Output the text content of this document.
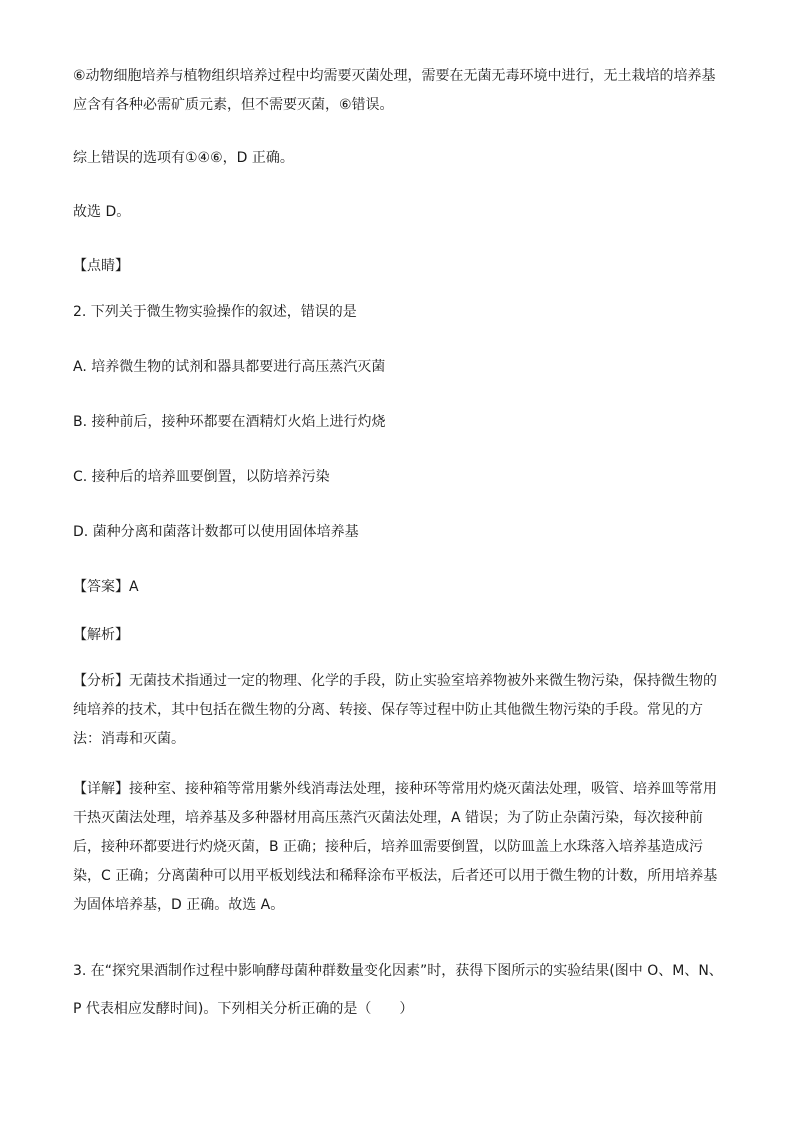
⑥动物细胞培养与植物组织培养过程中均需要灭菌处理，需要在无菌无毒环境中进行，无土栽培的培养基应含有各种必需矿质元素，但不需要灭菌，⑥错误。

综上错误的选项有①④⑥，D 正确。

故选 D。

【点睛】

2. 下列关于微生物实验操作的叙述，错误的是

A. 培养微生物的试剂和器具都要进行高压蒸汽灭菌

B. 接种前后，接种环都要在酒精灯火焰上进行灼烧

C. 接种后的培养皿要倒置，以防培养污染

D. 菌种分离和菌落计数都可以使用固体培养基

【答案】A

【解析】

【分析】无菌技术指通过一定的物理、化学的手段，防止实验室培养物被外来微生物污染，保持微生物的纯培养的技术，其中包括在微生物的分离、转接、保存等过程中防止其他微生物污染的手段。常见的方法：消毒和灭菌。

【详解】接种室、接种箱等常用紫外线消毒法处理，接种环等常用灼烧灭菌法处理，吸管、培养皿等常用干热灭菌法处理，培养基及多种器材用高压蒸汽灭菌法处理，A 错误；为了防止杂菌污染，每次接种前后，接种环都要进行灼烧灭菌，B 正确；接种后，培养皿需要倒置，以防皿盖上水珠落入培养基造成污染，C 正确；分离菌种可以用平板划线法和稀释涂布平板法，后者还可以用于微生物的计数，所用培养基为固体培养基，D 正确。故选 A。

3. 在“探究果酒制作过程中影响酵母菌种群数量变化因素”时，获得下图所示的实验结果(图中 O、M、N、P 代表相应发酵时间)。下列相关分析正确的是（　　）
